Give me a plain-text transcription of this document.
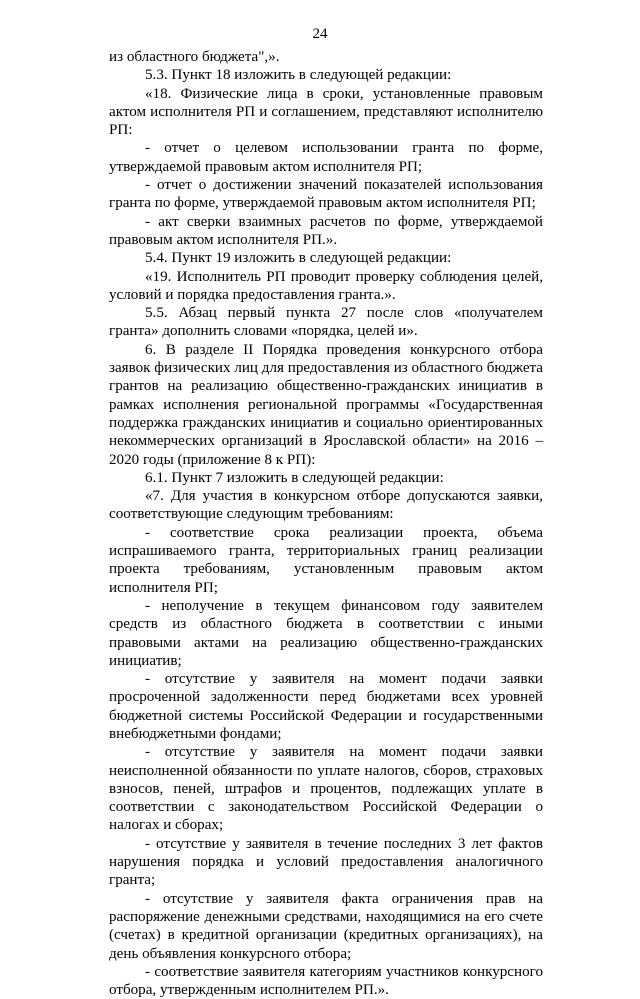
24

из областного бюджета",».

5.3. Пункт 18 изложить в следующей редакции:

«18. Физические лица в сроки, установленные правовым актом исполнителя РП и соглашением, представляют исполнителю РП:

- отчет о целевом использовании гранта по форме, утверждаемой правовым актом исполнителя РП;

- отчет о достижении значений показателей использования гранта по форме, утверждаемой правовым актом исполнителя РП;

- акт сверки взаимных расчетов по форме, утверждаемой правовым актом исполнителя РП.».

5.4. Пункт 19 изложить в следующей редакции:

«19. Исполнитель РП проводит проверку соблюдения целей, условий и порядка предоставления гранта.».

5.5. Абзац первый пункта 27 после слов «получателем гранта» дополнить словами «порядка, целей и».

6. В разделе II Порядка проведения конкурсного отбора заявок физических лиц для предоставления из областного бюджета грантов на реализацию общественно-гражданских инициатив в рамках исполнения региональной программы «Государственная поддержка гражданских инициатив и социально ориентированных некоммерческих организаций в Ярославской области» на 2016 – 2020 годы (приложение 8 к РП):

6.1. Пункт 7 изложить в следующей редакции:

«7. Для участия в конкурсном отборе допускаются заявки, соответствующие следующим требованиям:

- соответствие срока реализации проекта, объема испрашиваемого гранта, территориальных границ реализации проекта требованиям, установленным правовым актом исполнителя РП;

- неполучение в текущем финансовом году заявителем средств из областного бюджета в соответствии с иными правовыми актами на реализацию общественно-гражданских инициатив;

- отсутствие у заявителя на момент подачи заявки просроченной задолженности перед бюджетами всех уровней бюджетной системы Российской Федерации и государственными внебюджетными фондами;

- отсутствие у заявителя на момент подачи заявки неисполненной обязанности по уплате налогов, сборов, страховых взносов, пеней, штрафов и процентов, подлежащих уплате в соответствии с законодательством Российской Федерации о налогах и сборах;

- отсутствие у заявителя в течение последних 3 лет фактов нарушения порядка и условий предоставления аналогичного гранта;

- отсутствие у заявителя факта ограничения прав на распоряжение денежными средствами, находящимися на его счете (счетах) в кредитной организации (кредитных организациях), на день объявления конкурсного отбора;

- соответствие заявителя категориям участников конкурсного отбора, утвержденным исполнителем РП.».
